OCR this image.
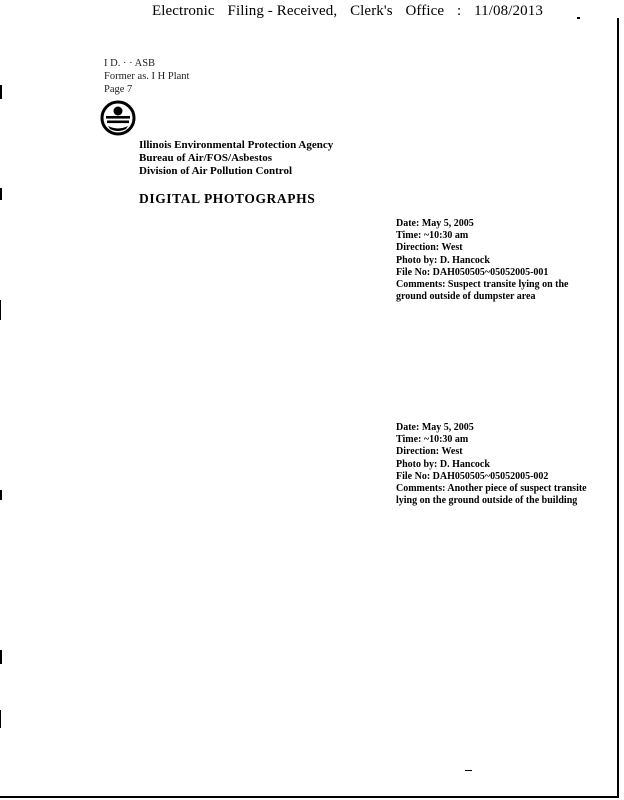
Electronic Filing - Received, Clerk's Office : 11/08/2013
I D. · · ASB
Former as. I H Plant
Page 7
Illinois Environmental Protection Agency
Bureau of Air/FOS/Asbestos
Division of Air Pollution Control
DIGITAL PHOTOGRAPHS
Date: May 5, 2005
Time: ~10:30 am
Direction: West
Photo by: D. Hancock
File No: DAH050505~05052005-001
Comments: Suspect transite lying on the
ground outside of dumpster area
Date: May 5, 2005
Time: ~10:30 am
Direction: West
Photo by: D. Hancock
File No: DAH050505~05052005-002
Comments: Another piece of suspect transite
lying on the ground outside of the building
